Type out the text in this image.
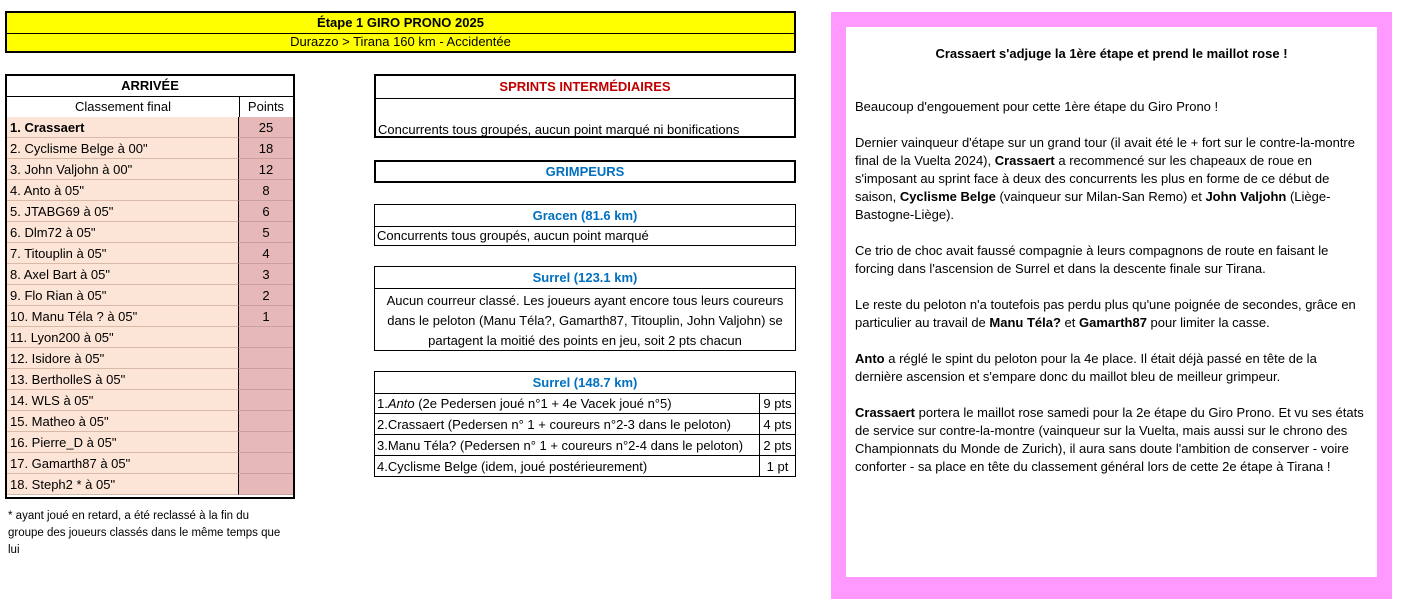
Étape 1 GIRO PRONO 2025
Durazzo > Tirana 160 km - Accidentée
ARRIVÉE
Classement final	Points
1. Crassaert	25
2. Cyclisme Belge à 00"	18
3. John Valjohn à 00"	12
4. Anto à 05"	8
5. JTABG69 à 05"	6
6. Dlm72 à 05"	5
7. Titouplin à 05"	4
8. Axel Bart à 05"	3
9. Flo Rian à 05"	2
10. Manu Téla ? à 05"	1
11. Lyon200 à 05"
12. Isidore à 05"
13. BertholleS à 05"
14. WLS à 05"
15. Matheo à 05"
16. Pierre_D à 05"
17. Gamarth87 à 05"
18. Steph2 * à 05"
* ayant joué en retard, a été reclassé à la fin du groupe des joueurs classés dans le même temps que lui
SPRINTS INTERMÉDIAIRES
Concurrents tous groupés, aucun point marqué ni bonifications
GRIMPEURS
Gracen (81.6 km)
Concurrents tous groupés, aucun point marqué
Surrel (123.1 km)
Aucun courreur classé. Les joueurs ayant encore tous leurs coureurs dans le peloton (Manu Téla?, Gamarth87, Titouplin, John Valjohn) se partagent la moitié des points en jeu, soit 2 pts chacun
Surrel (148.7 km)
1.Anto (2e Pedersen joué n°1 + 4e Vacek joué n°5)	9 pts
2.Crassaert (Pedersen n° 1 + coureurs n°2-3 dans le peloton)	4 pts
3.Manu Téla? (Pedersen n° 1 + coureurs n°2-4 dans le peloton)	2 pts
4.Cyclisme Belge (idem, joué postérieurement)	1 pt
Crassaert s'adjuge la 1ère étape et prend le maillot rose !

Beaucoup d'engouement pour cette 1ère étape du Giro Prono !

Dernier vainqueur d'étape sur un grand tour (il avait été le + fort sur le contre-la-montre final de la Vuelta 2024), Crassaert a recommencé sur les chapeaux de roue en s'imposant au sprint face à deux des concurrents les plus en forme de ce début de saison, Cyclisme Belge (vainqueur sur Milan-San Remo) et John Valjohn (Liège-Bastogne-Liège).

Ce trio de choc avait faussé compagnie à leurs compagnons de route en faisant le forcing dans l'ascension de Surrel et dans la descente finale sur Tirana.

Le reste du peloton n'a toutefois pas perdu plus qu'une poignée de secondes, grâce en particulier au travail de Manu Téla? et Gamarth87 pour limiter la casse.

Anto a réglé le spint du peloton pour la 4e place. Il était déjà passé en tête de la dernière ascension et s'empare donc du maillot bleu de meilleur grimpeur.

Crassaert portera le maillot rose samedi pour la 2e étape du Giro Prono. Et vu ses états de service sur contre-la-montre (vainqueur sur la Vuelta, mais aussi sur le chrono des Championnats du Monde de Zurich), il aura sans doute l'ambition de conserver - voire conforter - sa place en tête du classement général lors de cette 2e étape à Tirana !
